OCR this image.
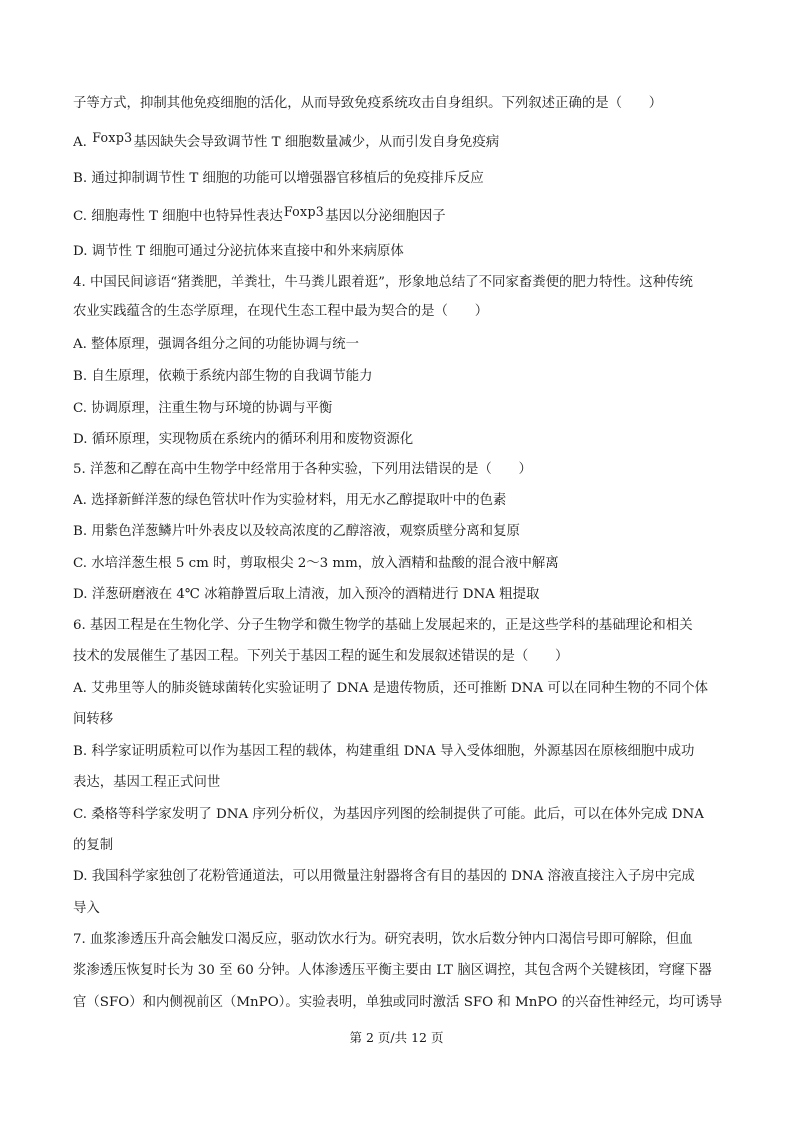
子等方式，抑制其他免疫细胞的活化，从而导致免疫系统攻击自身组织。下列叙述正确的是（　　）
A. Foxp3基因缺失会导致调节性 T 细胞数量减少，从而引发自身免疫病
B. 通过抑制调节性 T 细胞的功能可以增强器官移植后的免疫排斥反应
C. 细胞毒性 T 细胞中也特异性表达Foxp3基因以分泌细胞因子
D. 调节性 T 细胞可通过分泌抗体来直接中和外来病原体
4. 中国民间谚语“猪粪肥，羊粪壮，牛马粪儿跟着逛”，形象地总结了不同家畜粪便的肥力特性。这种传统
农业实践蕴含的生态学原理，在现代生态工程中最为契合的是（　　）
A. 整体原理，强调各组分之间的功能协调与统一
B. 自生原理，依赖于系统内部生物的自我调节能力
C. 协调原理，注重生物与环境的协调与平衡
D. 循环原理，实现物质在系统内的循环利用和废物资源化
5. 洋葱和乙醇在高中生物学中经常用于各种实验，下列用法错误的是（　　）
A. 选择新鲜洋葱的绿色管状叶作为实验材料，用无水乙醇提取叶中的色素
B. 用紫色洋葱鳞片叶外表皮以及较高浓度的乙醇溶液，观察质壁分离和复原
C. 水培洋葱生根 5 cm 时，剪取根尖 2～3 mm，放入酒精和盐酸的混合液中解离
D. 洋葱研磨液在 4℃ 冰箱静置后取上清液，加入预冷的酒精进行 DNA 粗提取
6. 基因工程是在生物化学、分子生物学和微生物学的基础上发展起来的，正是这些学科的基础理论和相关
技术的发展催生了基因工程。下列关于基因工程的诞生和发展叙述错误的是（　　）
A. 艾弗里等人的肺炎链球菌转化实验证明了 DNA 是遗传物质，还可推断 DNA 可以在同种生物的不同个体
间转移
B. 科学家证明质粒可以作为基因工程的载体，构建重组 DNA 导入受体细胞，外源基因在原核细胞中成功
表达，基因工程正式问世
C. 桑格等科学家发明了 DNA 序列分析仪，为基因序列图的绘制提供了可能。此后，可以在体外完成 DNA
的复制
D. 我国科学家独创了花粉管通道法，可以用微量注射器将含有目的基因的 DNA 溶液直接注入子房中完成
导入
7. 血浆渗透压升高会触发口渴反应，驱动饮水行为。研究表明，饮水后数分钟内口渴信号即可解除，但血
浆渗透压恢复时长为 30 至 60 分钟。人体渗透压平衡主要由 LT 脑区调控，其包含两个关键核团，穹窿下器
官（SFO）和内侧视前区（MnPO）。实验表明，单独或同时激活 SFO 和 MnPO 的兴奋性神经元，均可诱导
第 2 页/共 12 页
